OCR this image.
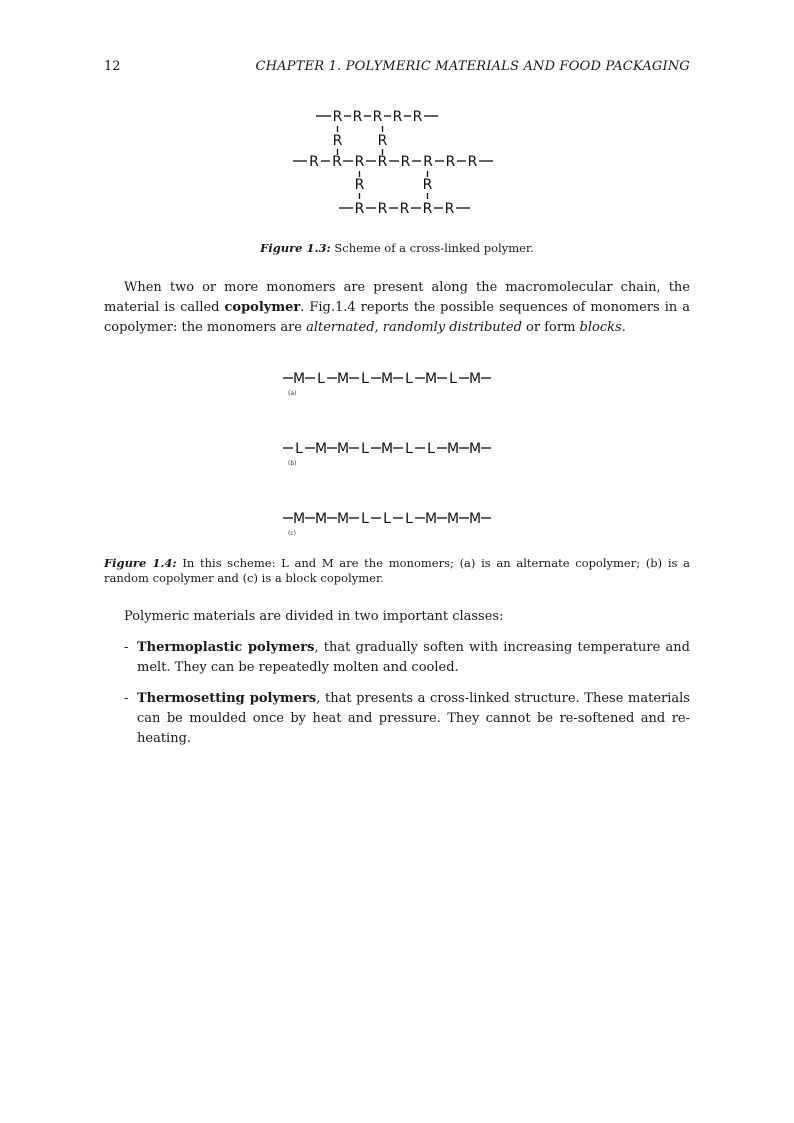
12	CHAPTER 1. POLYMERIC MATERIALS AND FOOD PACKAGING
R R R R R
R	R
R R R R R R R R
R	R
R R R R R
Figure 1.3: Scheme of a cross-linked polymer.
When two or more monomers are present along the macromolecular chain, the material is called copolymer. Fig.1.4 reports the possible sequences of monomers in a copolymer: the monomers are alternated, randomly distributed or form blocks.
M L M L M L M L M
(a)
L M M L M L L M M
(b)
M M M L L L M M M
(c)
Figure 1.4: In this scheme: L and M are the monomers; (a) is an alternate copolymer; (b) is a random copolymer and (c) is a block copolymer.
Polymeric materials are divided in two important classes:
- Thermoplastic polymers, that gradually soften with increasing temperature and melt. They can be repeatedly molten and cooled.
- Thermosetting polymers, that presents a cross-linked structure. These materials can be moulded once by heat and pressure. They cannot be re-softened and re-heating.
